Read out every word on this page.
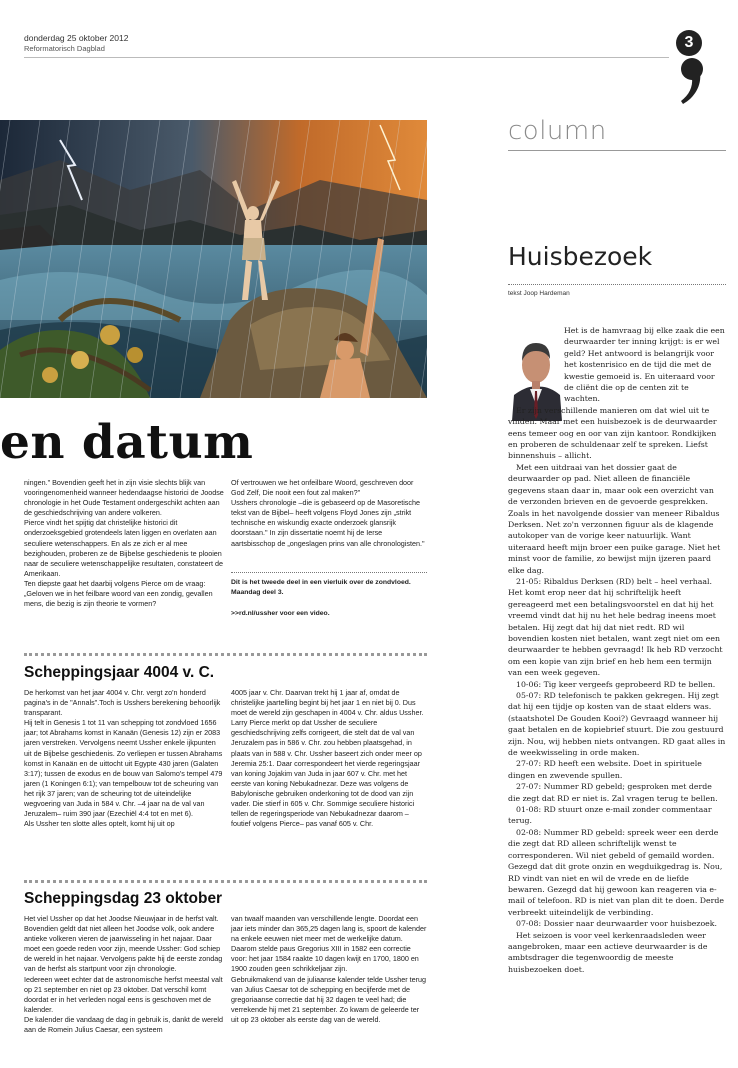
donderdag 25 oktober 2012
Reformatorisch Dagblad	3
en datum

ningen." Bovendien geeft het in zijn visie slechts blijk van vooringenomenheid wanneer hedendaagse historici de Joodse chronologie in het Oude Testament ondergeschikt achten aan de geschiedschrijving van andere volkeren.
Pierce vindt het spijtig dat christelijke historici dit onderzoeksgebied grotendeels laten liggen en overlaten aan seculiere wetenschappers. En als ze zich er al mee bezighouden, proberen ze de Bijbelse geschiedenis te plooien naar de seculiere wetenschappelijke resultaten, constateert de Amerikaan.
Ten diepste gaat het daarbij volgens Pierce om de vraag: „Geloven we in het feilbare woord van een zondig, gevallen mens, die bezig is zijn theorie te vormen?

Of vertrouwen we het onfeilbare Woord, geschreven door God Zelf, Die nooit een fout zal maken?"
Usshers chronologie –die is gebaseerd op de Masoretische tekst van de Bijbel– heeft volgens Floyd Jones zijn „strikt technische en wiskundig exacte onderzoek glansrijk doorstaan." In zijn dissertatie noemt hij de Ierse aartsbisschop de „ongeslagen prins van alle chronologisten."

Dit is het tweede deel in een vierluik over de zondvloed. Maandag deel 3.
>>rd.nl/ussher voor een video.
Scheppingsjaar 4004 v. C.

De herkomst van het jaar 4004 v. Chr. vergt zo'n honderd pagina's in de "Annals".Toch is Usshers berekening behoorlijk transparant.
Hij telt in Genesis 1 tot 11 van schepping tot zondvloed 1656 jaar; tot Abrahams komst in Kanaän (Genesis 12) zijn er 2083 jaren verstreken. Vervolgens neemt Ussher enkele ijkpunten uit de Bijbelse geschiedenis. Zo verliepen er tussen Abrahams komst in Kanaän en de uittocht uit Egypte 430 jaren (Galaten 3:17); tussen de exodus en de bouw van Salomo's tempel 479 jaren (1 Koningen 6:1); van tempelbouw tot de scheuring van het rijk 37 jaren; van de scheuring tot de uiteindelijke wegvoering van Juda in 584 v. Chr. –4 jaar na de val van Jeruzalem– ruim 390 jaar (Ezechiël 4:4 tot en met 6).
Als Ussher ten slotte alles optelt, komt hij uit op

4005 jaar v. Chr. Daarvan trekt hij 1 jaar af, omdat de christelijke jaartelling begint bij het jaar 1 en niet bij 0. Dus moet de wereld zijn geschapen in 4004 v. Chr. aldus Ussher.
Larry Pierce merkt op dat Ussher de seculiere geschiedschrijving zelfs corrigeert, die stelt dat de val van Jeruzalem pas in 586 v. Chr. zou hebben plaatsgehad, in plaats van in 588 v. Chr. Ussher baseert zich onder meer op Jeremia 25:1. Daar correspondeert het vierde regeringsjaar van koning Jojakim van Juda in jaar 607 v. Chr. met het eerste van koning Nebukadnezar. Deze was volgens de Babylonische gebruiken onderkoning tot de dood van zijn vader. Die stierf in 605 v. Chr. Sommige seculiere historici tellen de regeringsperiode van Nebukadnezar daarom –foutief volgens Pierce– pas vanaf 605 v. Chr.

Scheppingsdag 23 oktober

Het viel Ussher op dat het Joodse Nieuwjaar in de herfst valt. Bovendien geldt dat niet alleen het Joodse volk, ook andere antieke volkeren vieren de jaarwisseling in het najaar. Daar moet een goede reden voor zijn, meende Ussher: God schiep de wereld in het najaar. Vervolgens pakte hij de eerste zondag van de herfst als startpunt voor zijn chronologie.
Iedereen weet echter dat de astronomische herfst meestal valt op 21 september en niet op 23 oktober. Dat verschil komt doordat er in het verleden nogal eens is geschoven met de kalender.
De kalender die vandaag de dag in gebruik is, dankt de wereld aan de Romein Julius Caesar, een systeem

van twaalf maanden van verschillende lengte. Doordat een jaar iets minder dan 365,25 dagen lang is, spoort de kalender na enkele eeuwen niet meer met de werkelijke datum. Daarom stelde paus Gregorius XIII in 1582 een correctie voor: het jaar 1584 raakte 10 dagen kwijt en 1700, 1800 en 1900 zouden geen schrikkeljaar zijn.
Gebruikmakend van de juliaanse kalender telde Ussher terug van Julius Caesar tot de schepping en becijferde met de gregoriaanse correctie dat hij 32 dagen te veel had; die verrekende hij met 21 september. Zo kwam de geleerde ter uit op 23 oktober als eerste dag van de wereld.

column
Huisbezoek
tekst Joop Hardeman

Het is de hamvraag bij elke zaak die een deurwaarder ter inning krijgt: is er wel geld? Het antwoord is belangrijk voor het kostenrisico en de tijd die met de kwestie gemoeid is. En uiteraard voor de cliënt die op de centen zit te wachten.

Er zijn verschillende manieren om dat wiel uit te vinden. Maar met een huisbezoek is de deurwaarder eens temeer oog en oor van zijn kantoor. Rondkijken en proberen de schuldenaar zelf te spreken. Liefst binnenshuis – allicht.

Met een uitdraai van het dossier gaat de deurwaarder op pad. Niet alleen de financiële gegevens staan daar in, maar ook een overzicht van de verzonden brieven en de gevoerde gesprekken. Zoals in het navolgende dossier van meneer Ribaldus Derksen. Net zo'n verzonnen figuur als de klagende autokoper van de vorige keer natuurlijk. Want uiteraard heeft mijn broer een puike garage. Niet het minst voor de familie, zo bewijst mijn ijzeren paard elke dag.

21-05: Ribaldus Derksen (RD) belt – heel verhaal. Het komt erop neer dat hij schriftelijk heeft gereageerd met een betalingsvoorstel en dat hij het vreemd vindt dat hij nu het hele bedrag ineens moet betalen. Hij zegt dat hij dat niet redt. RD wil bovendien kosten niet betalen, want zegt niet om een deurwaarder te hebben gevraagd! Ik heb RD verzocht om een kopie van zijn brief en heb hem een termijn van een week gegeven.

10-06: Tig keer vergeefs geprobeerd RD te bellen.

05-07: RD telefonisch te pakken gekregen. Hij zegt dat hij een tijdje op kosten van de staat elders was. (staatshotel De Gouden Kooi?) Gevraagd wanneer hij gaat betalen en de kopiebrief stuurt. Die zou gestuurd zijn. Nou, wij hebben niets ontvangen. RD gaat alles in de weekwisseling in orde maken.

27-07: RD heeft een website. Doet in spirituele dingen en zwevende spullen.

27-07: Nummer RD gebeld; gesproken met derde die zegt dat RD er niet is. Zal vragen terug te bellen.

01-08: RD stuurt onze e-mail zonder commentaar terug.

02-08: Nummer RD gebeld: spreek weer een derde die zegt dat RD alleen schriftelijk wenst te corresponderen. Wil niet gebeld of gemaild worden. Gezegd dat dit grote onzin en wegduikgedrag is. Nou, RD vindt van niet en wil de vrede en de liefde bewaren. Gezegd dat hij gewoon kan reageren via e-mail of telefoon. RD is niet van plan dit te doen. Derde verbreekt uiteindelijk de verbinding.

07-08: Dossier naar deurwaarder voor huisbezoek.

Het seizoen is voor veel kerkenraadsleden weer aangebroken, maar een actieve deurwaarder is de ambtsdrager die tegenwoordig de meeste huisbezoeken doet.
